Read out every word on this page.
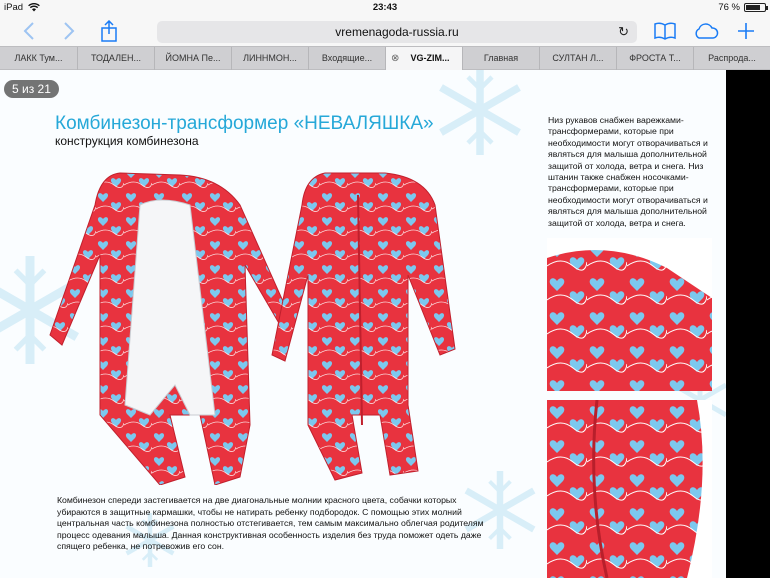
iPad	23:43	76 %
vremenagoda-russia.ru	↻
ЛАКК Тум...	ТОДАЛЕН...	ЙОМНА Пе...	ЛИННМОН...	Входящие...	⊗ VG-ZIM...	Главная	СУЛТАН Л...	ФРОСТА Т...	Распрода...
5 из 21
Комбинезон-трансформер «НЕВАЛЯШКА»
конструкция комбинезона
Низ рукавов снабжен варежками-трансформерами, которые при необходимости могут отворачиваться и являться для малыша дополнительной защитой от холода, ветра и снега. Низ штанин также снабжен носочками-трансформерами, которые при необходимости могут отворачиваться и являться для малыша дополнительной защитой от холода, ветра и снега.
Комбинезон спереди застегивается на две диагональные молнии красного цвета, собачки которых убираются в защитные кармашки, чтобы не натирать ребенку подбородок. С помощью этих молний центральная часть комбинезона полностью отстегивается, тем самым максимально облегчая родителям процесс одевания малыша. Данная конструктивная особенность изделия без труда поможет одеть даже спящего ребенка, не потревожив его сон.
